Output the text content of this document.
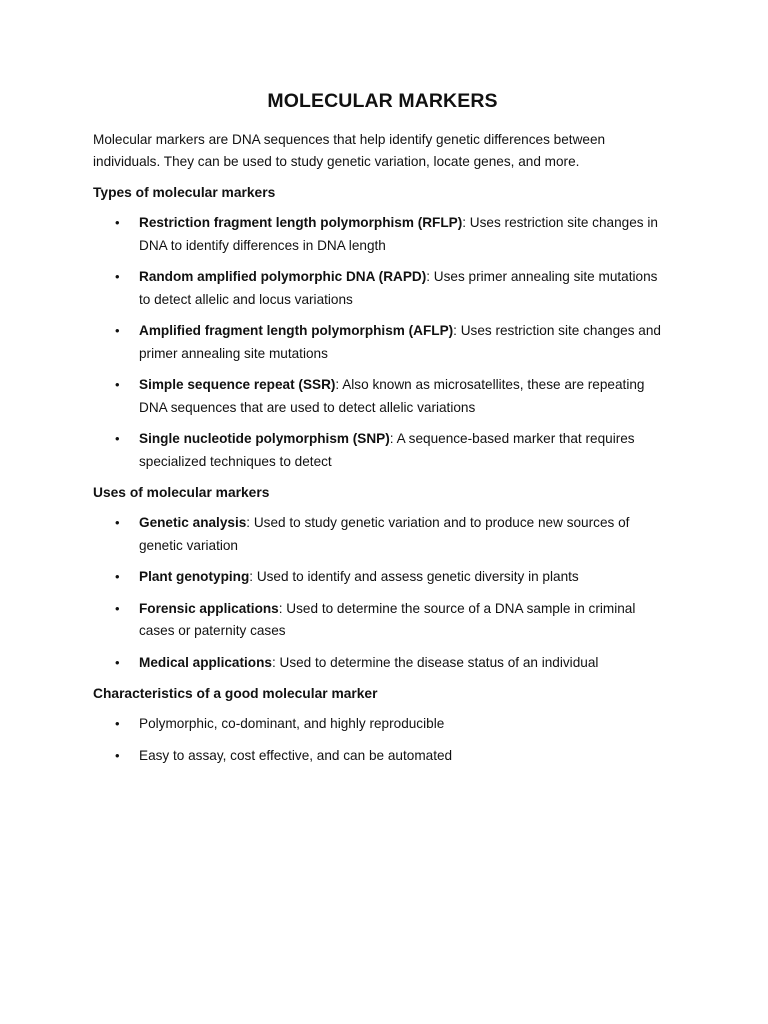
MOLECULAR MARKERS

Molecular markers are DNA sequences that help identify genetic differences between individuals. They can be used to study genetic variation, locate genes, and more.

Types of molecular markers
• Restriction fragment length polymorphism (RFLP): Uses restriction site changes in DNA to identify differences in DNA length
• Random amplified polymorphic DNA (RAPD): Uses primer annealing site mutations to detect allelic and locus variations
• Amplified fragment length polymorphism (AFLP): Uses restriction site changes and primer annealing site mutations
• Simple sequence repeat (SSR): Also known as microsatellites, these are repeating DNA sequences that are used to detect allelic variations
• Single nucleotide polymorphism (SNP): A sequence-based marker that requires specialized techniques to detect
Uses of molecular markers
• Genetic analysis: Used to study genetic variation and to produce new sources of genetic variation
• Plant genotyping: Used to identify and assess genetic diversity in plants
• Forensic applications: Used to determine the source of a DNA sample in criminal cases or paternity cases
• Medical applications: Used to determine the disease status of an individual
Characteristics of a good molecular marker
• Polymorphic, co-dominant, and highly reproducible
• Easy to assay, cost effective, and can be automated
